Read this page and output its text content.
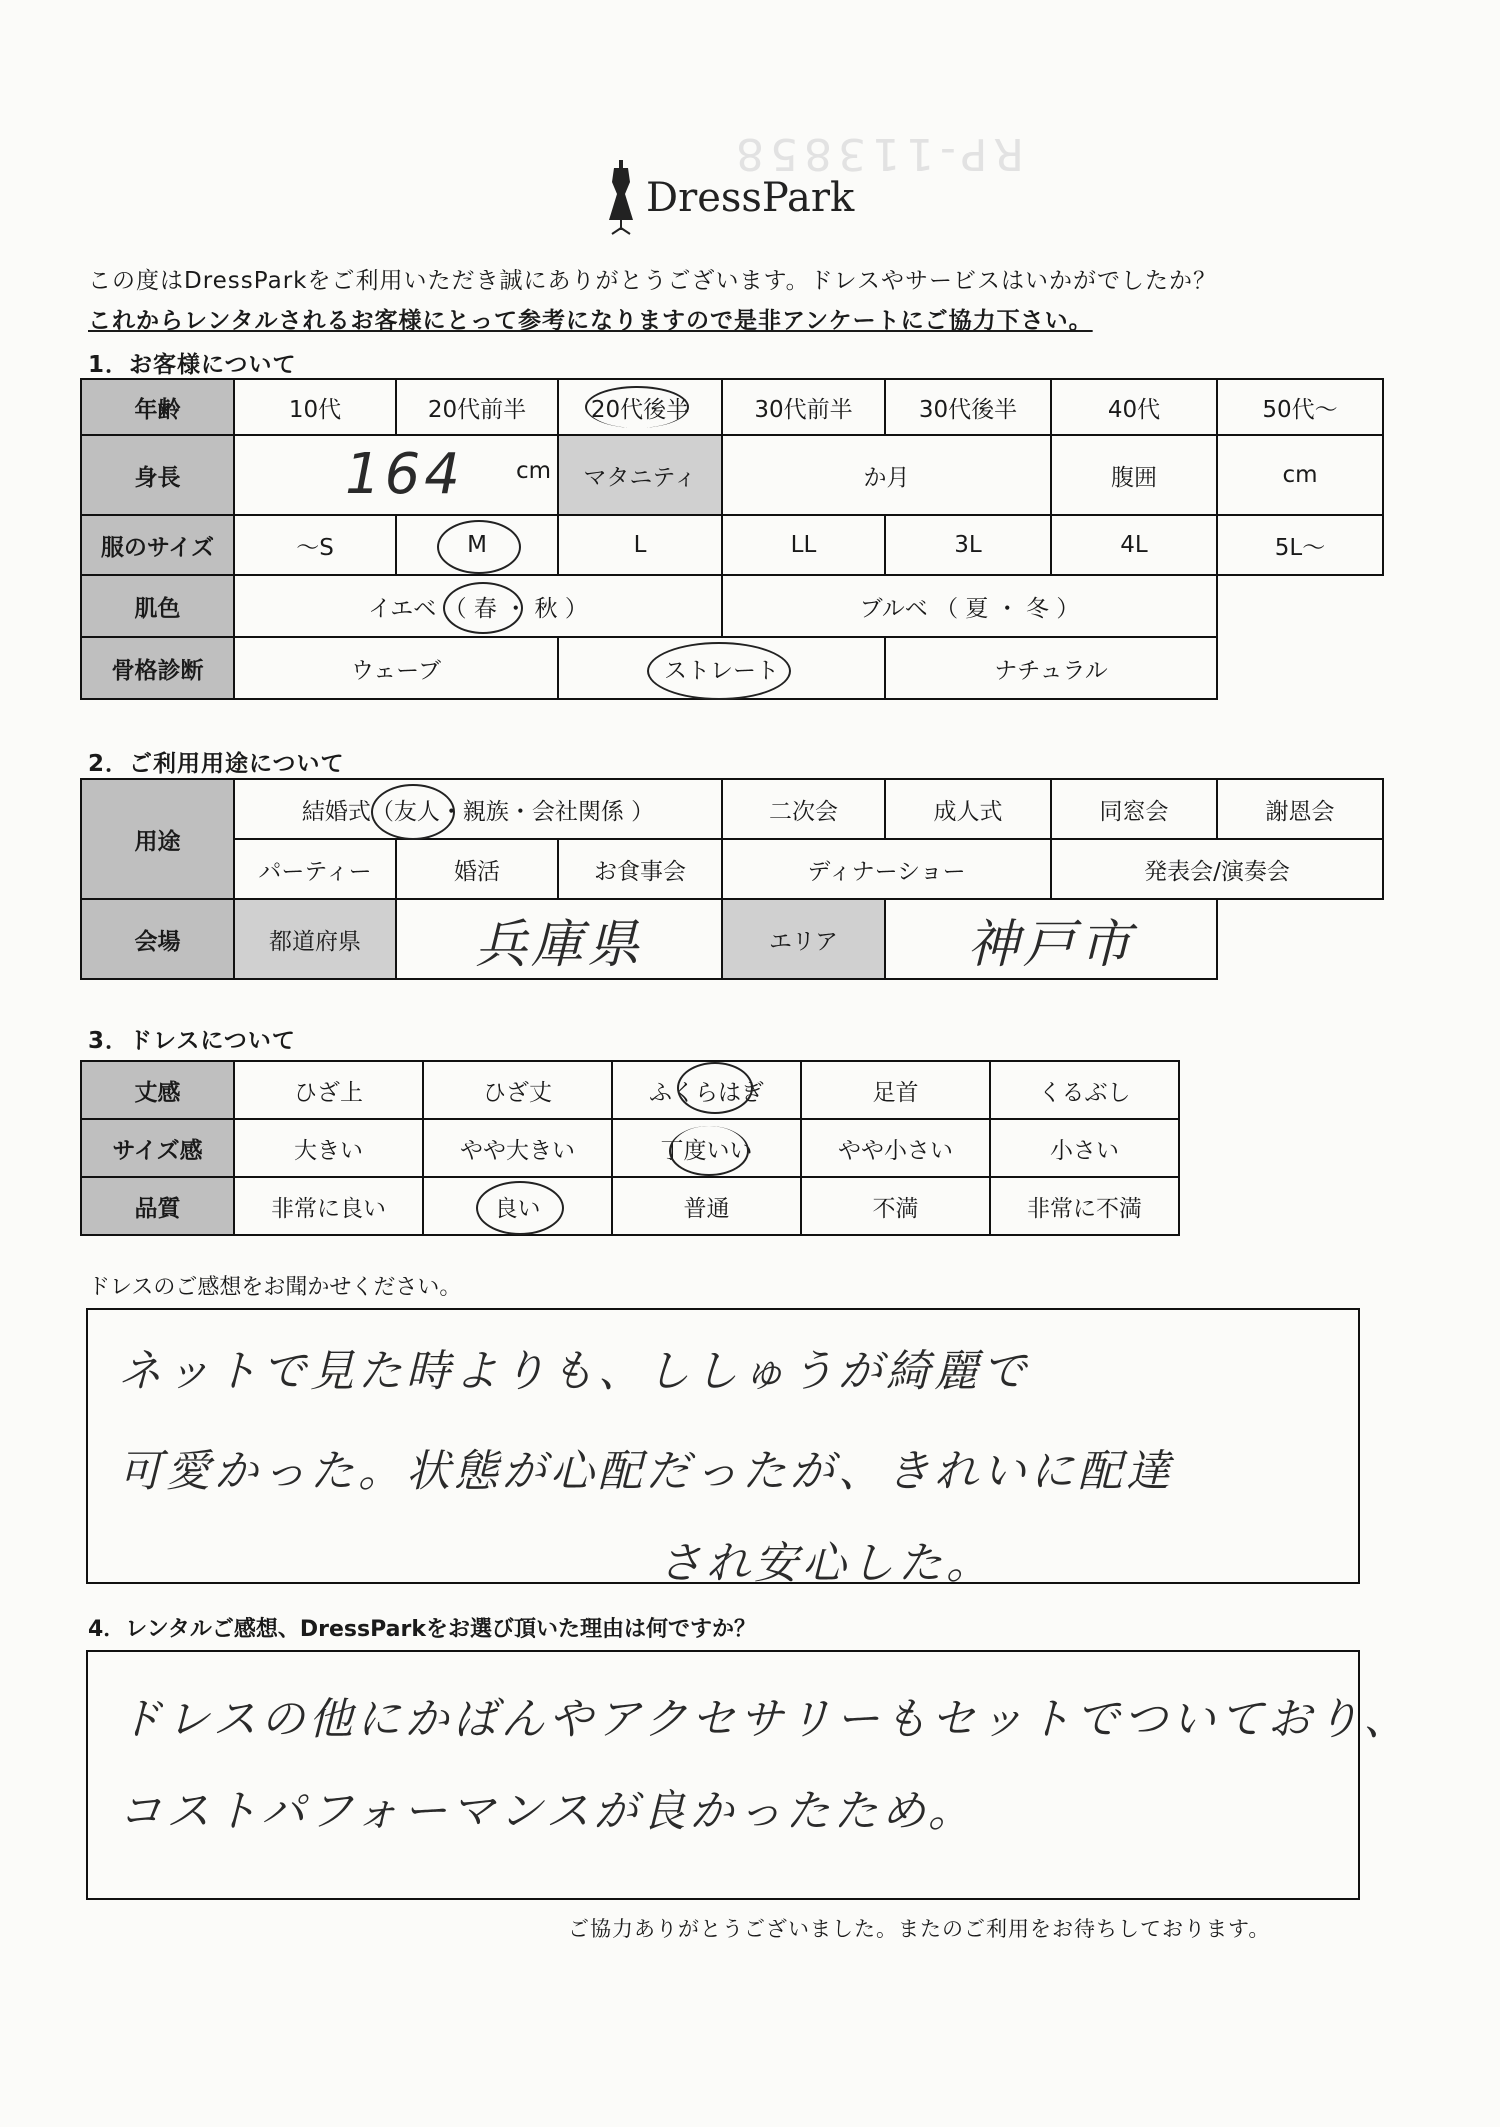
RP-113858
DressPark
この度はDressParkをご利用いただき誠にありがとうございます。ドレスやサービスはいかがでしたか？
これからレンタルされるお客様にとって参考になりますので是非アンケートにご協力下さい。
1．お客様について
年齢	10代	20代前半	20代後半	30代前半	30代後半	40代	50代〜
身長	164 cm		マタニティ	か月		腹囲	cm
服のサイズ	〜S	M	L	LL	3L	4L	5L〜
肌色	イエベ （ 春 ・ 秋 ）			ブルベ （ 夏 ・ 冬 ）			
骨格診断	ウェーブ		ストレート		ナチュラル		
2．ご利用用途について
用途	結婚式（友人・親族・会社関係 ）			二次会	成人式	同窓会	謝恩会
	パーティー	婚活	お食事会	ディナーショー		発表会/演奏会	
会場	都道府県	兵庫県		エリア	神戸市		
3．ドレスについて
丈感	ひざ上	ひざ丈	ふくらはぎ	足首	くるぶし
サイズ感	大きい	やや大きい	丁度いい	やや小さい	小さい
品質	非常に良い	良い	普通	不満	非常に不満
ドレスのご感想をお聞かせください。
ネットで見た時よりも、ししゅうが綺麗で
可愛かった。状態が心配だったが、きれいに配達
され安心した。
4．レンタルご感想、DressParkをお選び頂いた理由は何ですか？
ドレスの他にかばんやアクセサリーもセットでついており、
コストパフォーマンスが良かったため。
ご協力ありがとうございました。またのご利用をお待ちしております。
